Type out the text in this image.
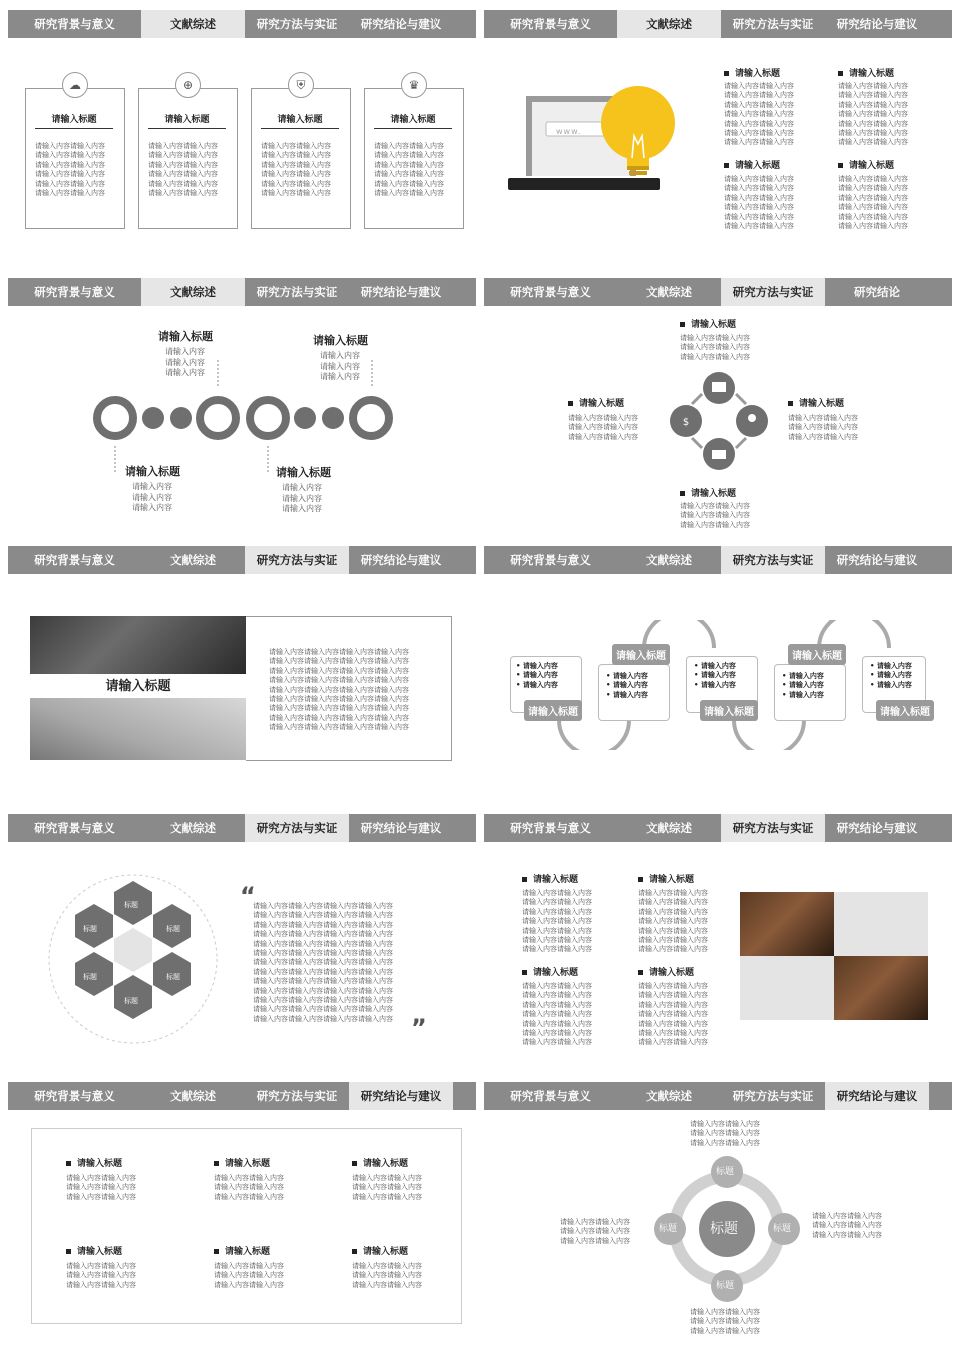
研究背景与意义	文献综述	研究方法与实证	研究结论与建议
☁
请输入标题
请输入内容请输入内容
请输入内容请输入内容
请输入内容请输入内容
请输入内容请输入内容
请输入内容请输入内容
请输入内容请输入内容
⊕
请输入标题
请输入内容请输入内容
请输入内容请输入内容
请输入内容请输入内容
请输入内容请输入内容
请输入内容请输入内容
请输入内容请输入内容
⛨
请输入标题
请输入内容请输入内容
请输入内容请输入内容
请输入内容请输入内容
请输入内容请输入内容
请输入内容请输入内容
请输入内容请输入内容
♛
请输入标题
请输入内容请输入内容
请输入内容请输入内容
请输入内容请输入内容
请输入内容请输入内容
请输入内容请输入内容
请输入内容请输入内容
研究背景与意义	文献综述	研究方法与实证	研究结论与建议
www.
请输入标题
请输入内容请输入内容
请输入内容请输入内容
请输入内容请输入内容
请输入内容请输入内容
请输入内容请输入内容
请输入内容请输入内容
请输入内容请输入内容
请输入标题
请输入内容请输入内容
请输入内容请输入内容
请输入内容请输入内容
请输入内容请输入内容
请输入内容请输入内容
请输入内容请输入内容
请输入内容请输入内容
请输入标题
请输入内容请输入内容
请输入内容请输入内容
请输入内容请输入内容
请输入内容请输入内容
请输入内容请输入内容
请输入内容请输入内容
请输入标题
请输入内容请输入内容
请输入内容请输入内容
请输入内容请输入内容
请输入内容请输入内容
请输入内容请输入内容
请输入内容请输入内容
研究背景与意义	文献综述	研究方法与实证	研究结论与建议
请输入标题
请输入内容
请输入内容
请输入内容
请输入标题
请输入内容
请输入内容
请输入内容
请输入标题
请输入内容
请输入内容
请输入内容
请输入标题
请输入内容
请输入内容
请输入内容
研究背景与意义	文献综述	研究方法与实证	研究结论
$
请输入标题
请输入内容请输入内容
请输入内容请输入内容
请输入内容请输入内容
请输入标题
请输入内容请输入内容
请输入内容请输入内容
请输入内容请输入内容
请输入标题
请输入内容请输入内容
请输入内容请输入内容
请输入内容请输入内容
请输入标题
请输入内容请输入内容
请输入内容请输入内容
请输入内容请输入内容
研究背景与意义	文献综述	研究方法与实证	研究结论与建议
请输入标题
请输入内容请输入内容请输入内容请输入内容
请输入内容请输入内容请输入内容请输入内容
请输入内容请输入内容请输入内容请输入内容
请输入内容请输入内容请输入内容请输入内容
请输入内容请输入内容请输入内容请输入内容
请输入内容请输入内容请输入内容请输入内容
请输入内容请输入内容请输入内容请输入内容
请输入内容请输入内容请输入内容请输入内容
请输入内容请输入内容请输入内容请输入内容
研究背景与意义	文献综述	研究方法与实证	研究结论与建议
• 请输入内容
• 请输入内容
• 请输入内容
• 请输入内容
• 请输入内容
• 请输入内容
• 请输入内容
• 请输入内容
• 请输入内容
• 请输入内容
• 请输入内容
• 请输入内容
• 请输入内容
• 请输入内容
• 请输入内容
请输入标题
请输入标题
请输入标题
请输入标题
请输入标题
研究背景与意义	文献综述	研究方法与实证	研究结论与建议
标题
标题
标题
标题
标题
标题
“
请输入内容请输入内容请输入内容请输入内容
请输入内容请输入内容请输入内容请输入内容
请输入内容请输入内容请输入内容请输入内容
请输入内容请输入内容请输入内容请输入内容
请输入内容请输入内容请输入内容请输入内容
请输入内容请输入内容请输入内容请输入内容
请输入内容请输入内容请输入内容请输入内容
请输入内容请输入内容请输入内容请输入内容
请输入内容请输入内容请输入内容请输入内容
请输入内容请输入内容请输入内容请输入内容
请输入内容请输入内容请输入内容请输入内容
请输入内容请输入内容请输入内容请输入内容
请输入内容请输入内容请输入内容请输入内容 ”
研究背景与意义	文献综述	研究方法与实证	研究结论与建议
请输入标题
请输入内容请输入内容
请输入内容请输入内容
请输入内容请输入内容
请输入内容请输入内容
请输入内容请输入内容
请输入内容请输入内容
请输入内容请输入内容
请输入标题
请输入内容请输入内容
请输入内容请输入内容
请输入内容请输入内容
请输入内容请输入内容
请输入内容请输入内容
请输入内容请输入内容
请输入内容请输入内容
请输入标题
请输入内容请输入内容
请输入内容请输入内容
请输入内容请输入内容
请输入内容请输入内容
请输入内容请输入内容
请输入内容请输入内容
请输入内容请输入内容
请输入标题
请输入内容请输入内容
请输入内容请输入内容
请输入内容请输入内容
请输入内容请输入内容
请输入内容请输入内容
请输入内容请输入内容
请输入内容请输入内容
研究背景与意义	文献综述	研究方法与实证	研究结论与建议
请输入标题
请输入内容请输入内容
请输入内容请输入内容
请输入内容请输入内容
请输入标题
请输入内容请输入内容
请输入内容请输入内容
请输入内容请输入内容
请输入标题
请输入内容请输入内容
请输入内容请输入内容
请输入内容请输入内容
请输入标题
请输入内容请输入内容
请输入内容请输入内容
请输入内容请输入内容
请输入标题
请输入内容请输入内容
请输入内容请输入内容
请输入内容请输入内容
请输入标题
请输入内容请输入内容
请输入内容请输入内容
请输入内容请输入内容
研究背景与意义	文献综述	研究方法与实证	研究结论与建议
标题
标题
标题
标题	标题
请输入内容请输入内容
请输入内容请输入内容
请输入内容请输入内容
请输入内容请输入内容
请输入内容请输入内容
请输入内容请输入内容
请输入内容请输入内容
请输入内容请输入内容
请输入内容请输入内容
请输入内容请输入内容
请输入内容请输入内容
请输入内容请输入内容
